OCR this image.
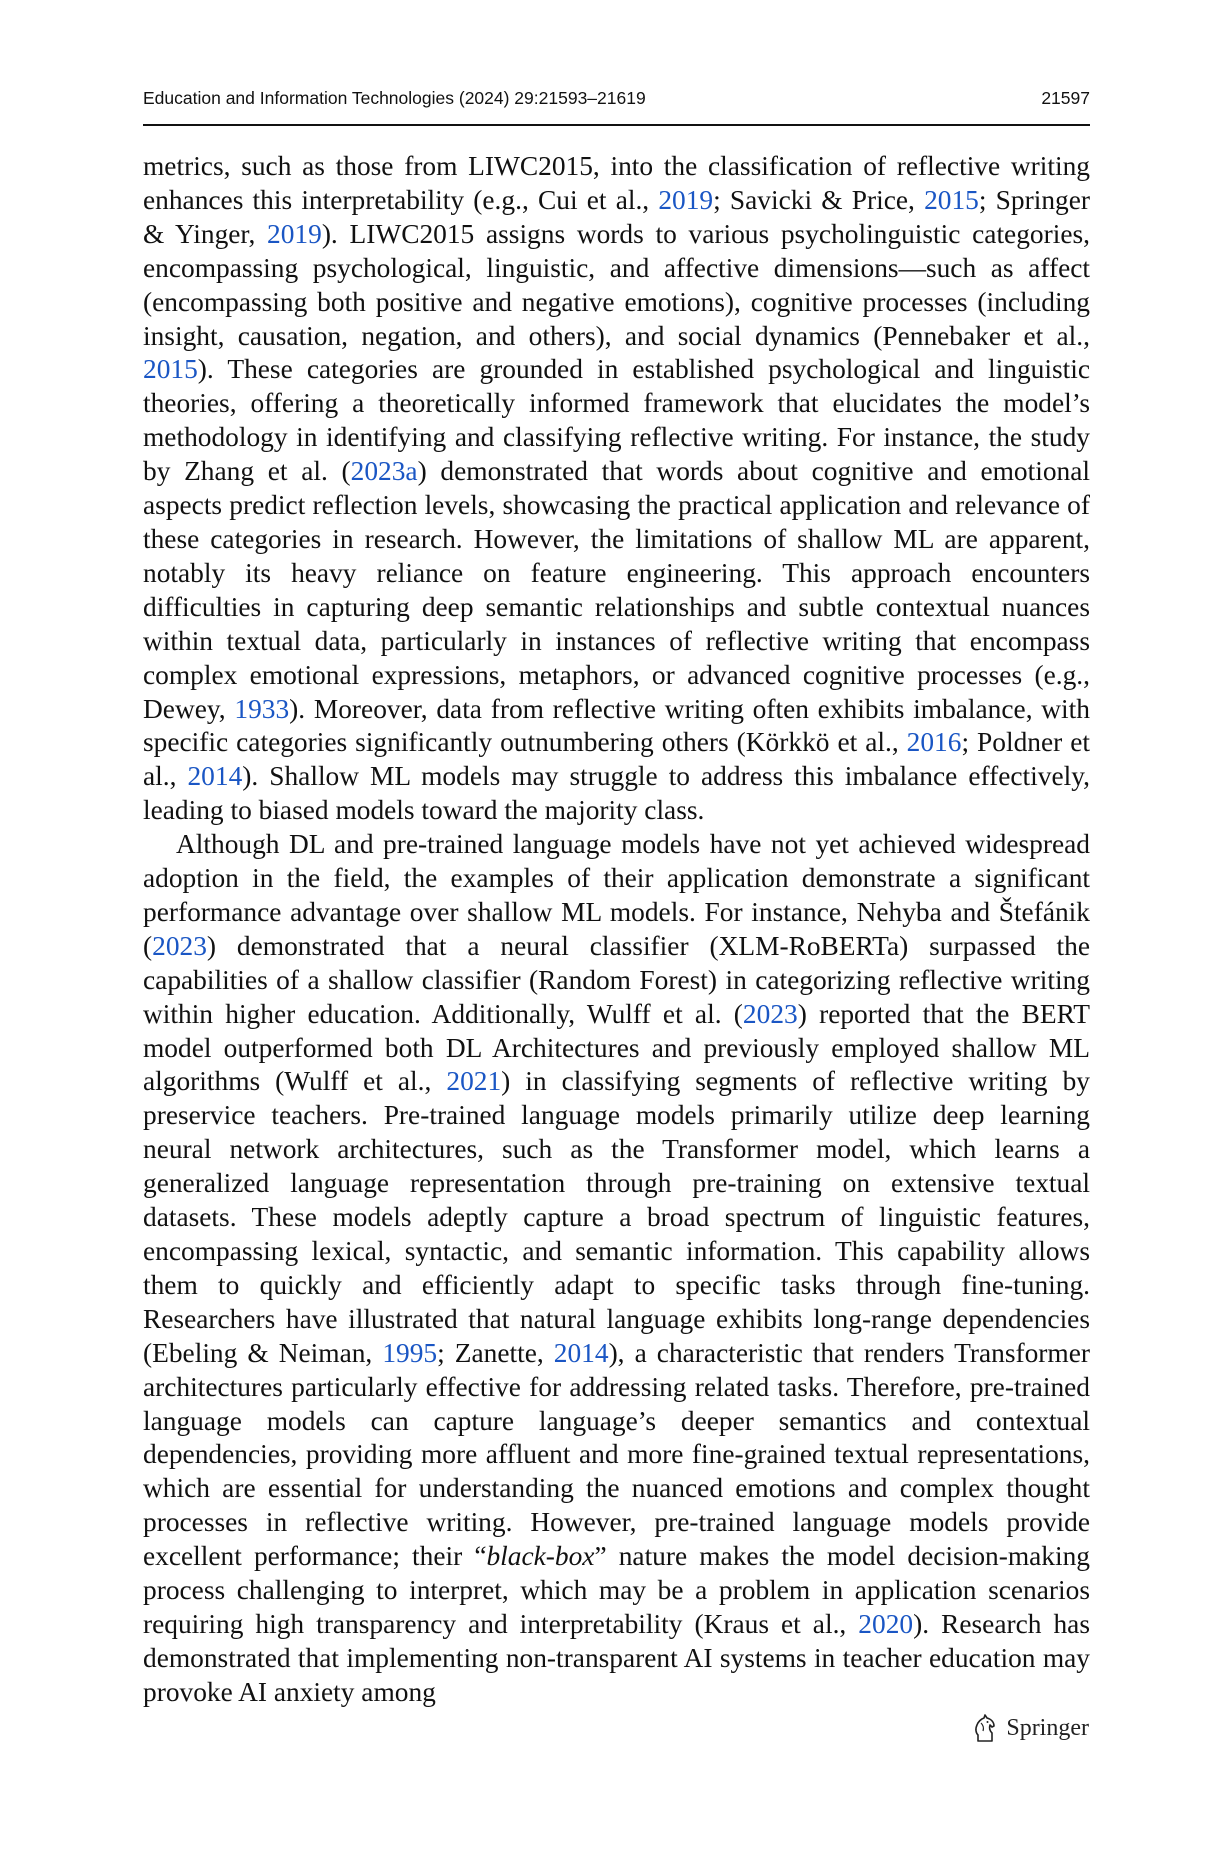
Education and Information Technologies (2024) 29:21593–21619	21597

metrics, such as those from LIWC2015, into the classification of reflective writing enhances this interpretability (e.g., Cui et al., 2019; Savicki & Price, 2015; Springer & Yinger, 2019). LIWC2015 assigns words to various psycholinguistic categories, encompassing psychological, linguistic, and affective dimensions—such as affect (encompassing both positive and negative emotions), cognitive processes (including insight, causation, negation, and others), and social dynamics (Pennebaker et al., 2015). These categories are grounded in established psychological and linguistic theories, offering a theoretically informed framework that elucidates the model’s methodology in identifying and classifying reflective writing. For instance, the study by Zhang et al. (2023a) demonstrated that words about cognitive and emotional aspects predict reflection levels, showcasing the practical application and relevance of these categories in research. However, the limitations of shallow ML are apparent, notably its heavy reliance on feature engineering. This approach encounters difficulties in capturing deep semantic relationships and subtle contextual nuances within textual data, particularly in instances of reflective writing that encompass complex emotional expressions, metaphors, or advanced cognitive processes (e.g., Dewey, 1933). Moreover, data from reflective writing often exhibits imbalance, with specific categories significantly outnumbering others (Körkkö et al., 2016; Poldner et al., 2014). Shallow ML models may struggle to address this imbalance effectively, leading to biased models toward the majority class.

Although DL and pre-trained language models have not yet achieved widespread adoption in the field, the examples of their application demonstrate a significant performance advantage over shallow ML models. For instance, Nehyba and Štefánik (2023) demonstrated that a neural classifier (XLM-RoBERTa) surpassed the capabilities of a shallow classifier (Random Forest) in categorizing reflective writing within higher education. Additionally, Wulff et al. (2023) reported that the BERT model outperformed both DL Architectures and previously employed shallow ML algorithms (Wulff et al., 2021) in classifying segments of reflective writing by preservice teachers. Pre-trained language models primarily utilize deep learning neural network architectures, such as the Transformer model, which learns a generalized language representation through pre-training on extensive textual datasets. These models adeptly capture a broad spectrum of linguistic features, encompassing lexical, syntactic, and semantic information. This capability allows them to quickly and efficiently adapt to specific tasks through fine-tuning. Researchers have illustrated that natural language exhibits long-range dependencies (Ebeling & Neiman, 1995; Zanette, 2014), a characteristic that renders Transformer architectures particularly effective for addressing related tasks. Therefore, pre-trained language models can capture language’s deeper semantics and contextual dependencies, providing more affluent and more fine-grained textual representations, which are essential for understanding the nuanced emotions and complex thought processes in reflective writing. However, pre-trained language models provide excellent performance; their “black-box” nature makes the model decision-making process challenging to interpret, which may be a problem in application scenarios requiring high transparency and interpretability (Kraus et al., 2020). Research has demonstrated that implementing non-transparent AI systems in teacher education may provoke AI anxiety among

Springer
